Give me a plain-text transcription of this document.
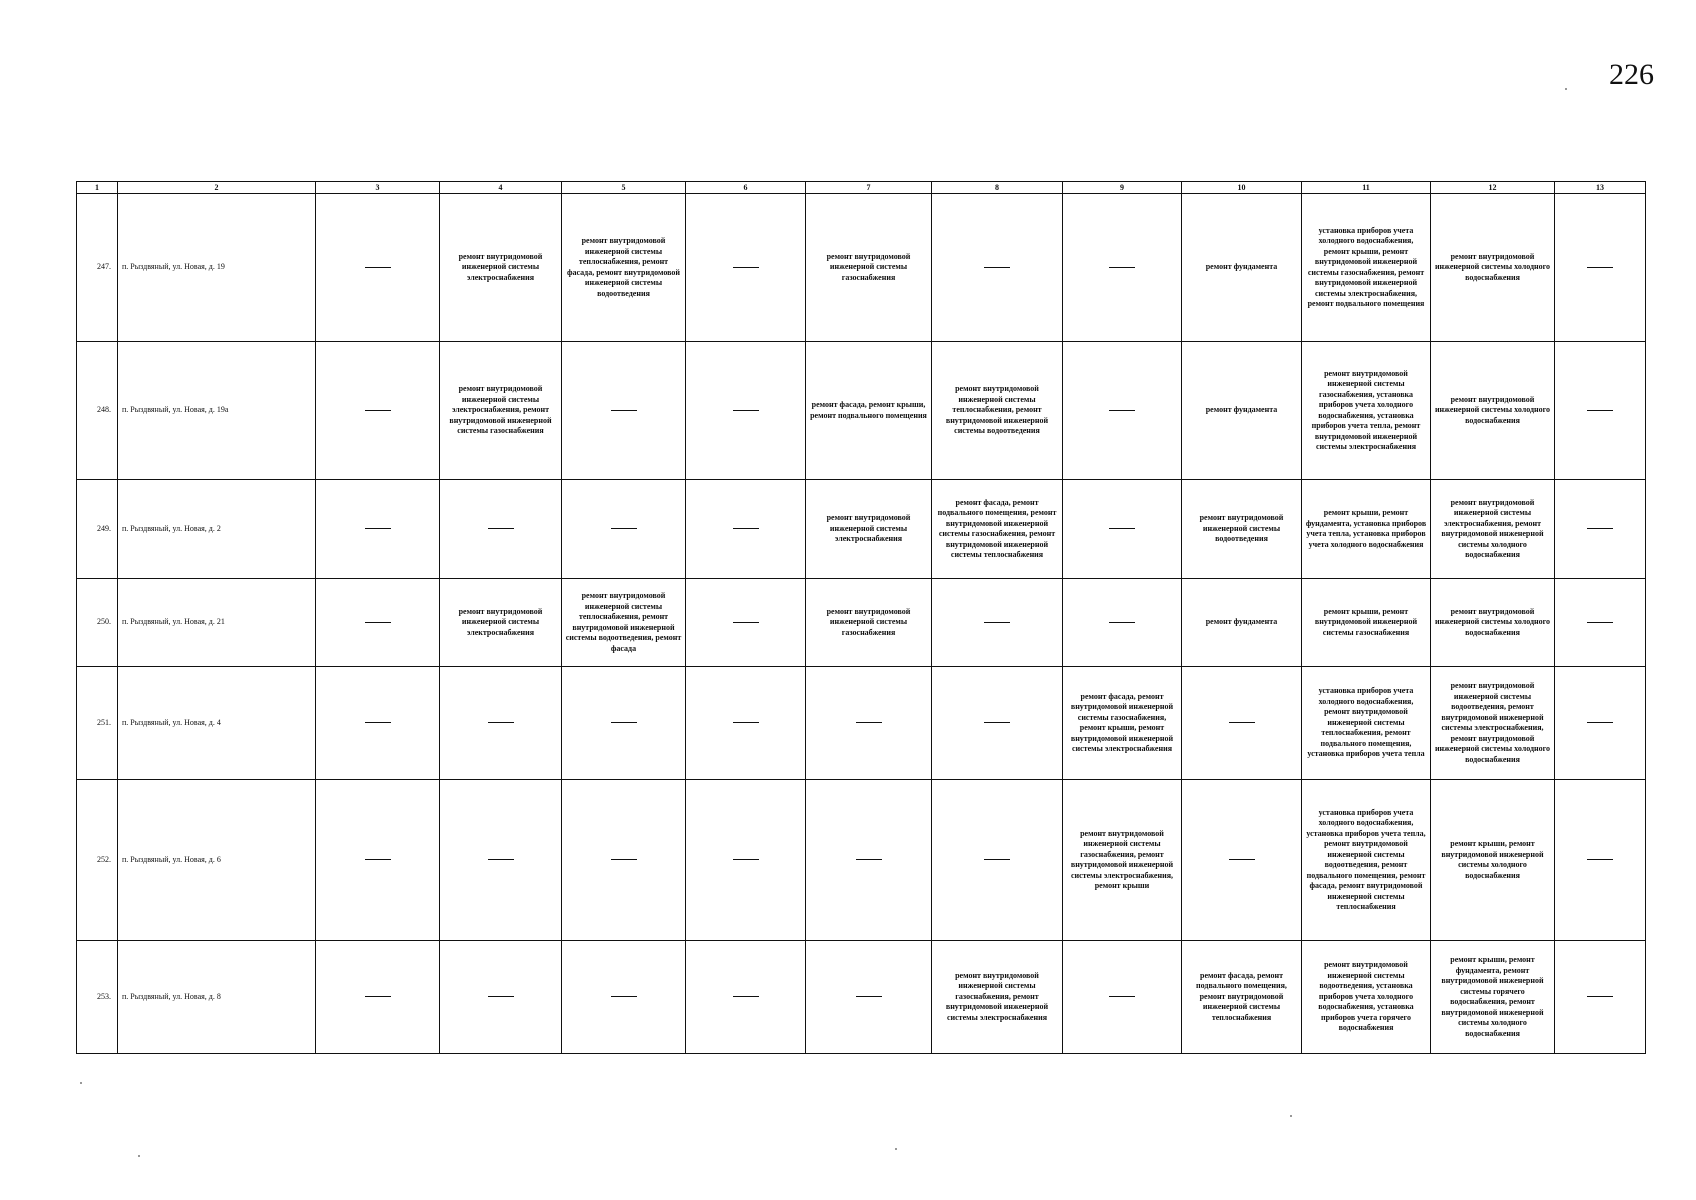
226
1	2	3	4	5	6	7	8	9	10	11	12	13
247.	п. Рыздвяный, ул. Новая, д. 19		ремонт внутридомовой инженерной системы электроснабжения	ремонт внутридомовой инженерной системы теплоснабжения, ремонт фасада, ремонт внутридомовой инженерной системы водоотведения		ремонт внутридомовой инженерной системы газоснабжения			ремонт фундамента	установка приборов учета холодного водоснабжения, ремонт крыши, ремонт внутридомовой инженерной системы газоснабжения, ремонт внутридомовой инженерной системы электроснабжения, ремонт подвального помещения	ремонт внутридомовой инженерной системы холодного водоснабжения	

248.	п. Рыздвяный, ул. Новая, д. 19а		ремонт внутридомовой инженерной системы электроснабжения, ремонт внутридомовой инженерной системы газоснабжения			ремонт фасада, ремонт крыши, ремонт подвального помещения	ремонт внутридомовой инженерной системы теплоснабжения, ремонт внутридомовой инженерной системы водоотведения		ремонт фундамента	ремонт внутридомовой инженерной системы газоснабжения, установка приборов учета холодного водоснабжения, установка приборов учета тепла, ремонт внутридомовой инженерной системы электроснабжения	ремонт внутридомовой инженерной системы холодного водоснабжения	

249.	п. Рыздвяный, ул. Новая, д. 2					ремонт внутридомовой инженерной системы электроснабжения	ремонт фасада, ремонт подвального помещения, ремонт внутридомовой инженерной системы газоснабжения, ремонт внутридомовой инженерной системы теплоснабжения		ремонт внутридомовой инженерной системы водоотведения	ремонт крыши, ремонт фундамента, установка приборов учета тепла, установка приборов учета холодного водоснабжения	ремонт внутридомовой инженерной системы электроснабжения, ремонт внутридомовой инженерной системы холодного водоснабжения	

250.	п. Рыздвяный, ул. Новая, д. 21		ремонт внутридомовой инженерной системы электроснабжения	ремонт внутридомовой инженерной системы теплоснабжения, ремонт внутридомовой инженерной системы водоотведения, ремонт фасада		ремонт внутридомовой инженерной системы газоснабжения			ремонт фундамента	ремонт крыши, ремонт внутридомовой инженерной системы газоснабжения	ремонт внутридомовой инженерной системы холодного водоснабжения	

251.	п. Рыздвяный, ул. Новая, д. 4							ремонт фасада, ремонт внутридомовой инженерной системы газоснабжения, ремонт крыши, ремонт внутридомовой инженерной системы электроснабжения		установка приборов учета холодного водоснабжения, ремонт внутридомовой инженерной системы теплоснабжения, ремонт подвального помещения, установка приборов учета тепла	ремонт внутридомовой инженерной системы водоотведения, ремонт внутридомовой инженерной системы электроснабжения, ремонт внутридомовой инженерной системы холодного водоснабжения	

252.	п. Рыздвяный, ул. Новая, д. 6							ремонт внутридомовой инженерной системы газоснабжения, ремонт внутридомовой инженерной системы электроснабжения, ремонт крыши		установка приборов учета холодного водоснабжения, установка приборов учета тепла, ремонт внутридомовой инженерной системы водоотведения, ремонт подвального помещения, ремонт фасада, ремонт внутридомовой инженерной системы теплоснабжения	ремонт крыши, ремонт внутридомовой инженерной системы холодного водоснабжения	

253.	п. Рыздвяный, ул. Новая, д. 8						ремонт внутридомовой инженерной системы газоснабжения, ремонт внутридомовой инженерной системы электроснабжения		ремонт фасада, ремонт подвального помещения, ремонт внутридомовой инженерной системы теплоснабжения	ремонт внутридомовой инженерной системы водоотведения, установка приборов учета холодного водоснабжения, установка приборов учета горячего водоснабжения	ремонт крыши, ремонт фундамента, ремонт внутридомовой инженерной системы горячего водоснабжения, ремонт внутридомовой инженерной системы холодного водоснабжения	
